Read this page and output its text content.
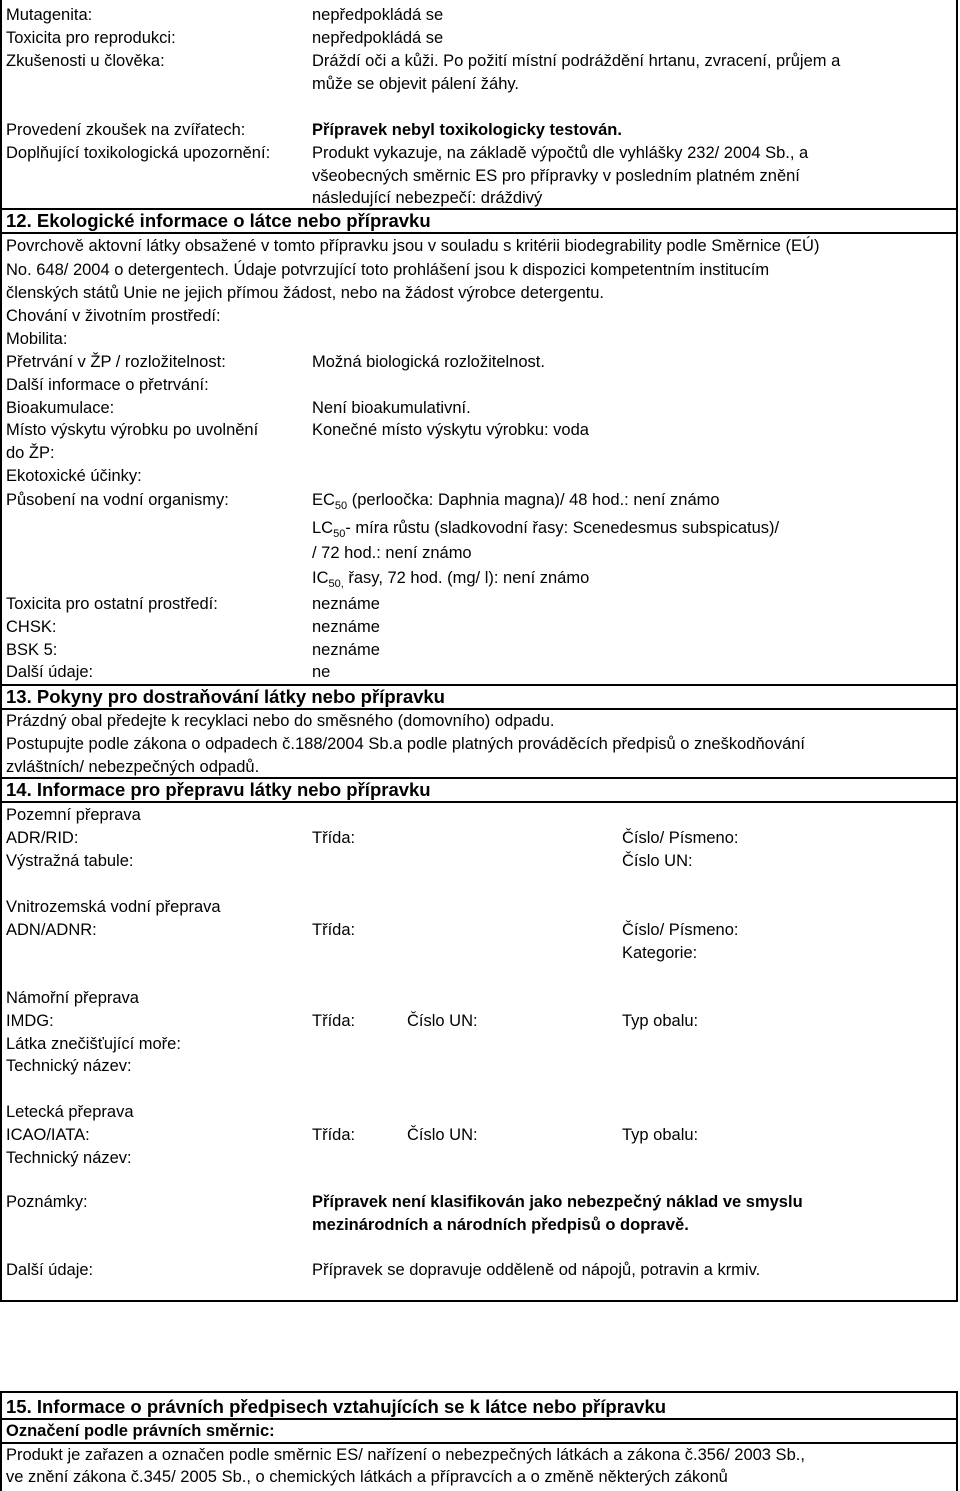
Mutagenita:	nepředpokládá se
Toxicita pro reprodukci:	nepředpokládá se
Zkušenosti u člověka:	Dráždí oči a kůži. Po požití místní podráždění hrtanu, zvracení, průjem a
může se objevit pálení žáhy.
Provedení zkoušek na zvířatech:	Přípravek nebyl toxikologicky testován.
Doplňující toxikologická upozornění:	Produkt vykazuje, na základě výpočtů dle vyhlášky 232/ 2004 Sb., a
všeobecných směrnic ES pro přípravky v posledním platném znění
následující nebezpečí: dráždivý
12. Ekologické informace o látce nebo přípravku
Povrchově aktovní látky obsažené v tomto přípravku jsou v souladu s kritérii biodegrability podle Směrnice (EÚ)
No. 648/ 2004 o detergentech. Údaje potvrzující toto prohlášení jsou k dispozici kompetentním institucím
členských států Unie ne jejich přímou žádost, nebo na žádost výrobce detergentu.
Chování v životním prostředí:
Mobilita:
Přetrvání v ŽP / rozložitelnost:	Možná biologická rozložitelnost.
Další informace o přetrvání:
Bioakumulace:	Není bioakumulativní.
Místo výskytu výrobku po uvolnění	Konečné místo výskytu výrobku: voda
do ŽP:
Ekotoxické účinky:
Působení na vodní organismy:	$EC_{50}$ (perloočka: Daphnia magna)/ 48 hod.: není známo
$LC_{50}-$ míra růstu (sladkovodní řasy: Scenedesmus subspicatus)/
/ 72 hod.: není známo
$IC_{50,}$ řasy, 72 hod. (mg/ l): není známo
Toxicita pro ostatní prostředí:	neznáme
CHSK:	neznáme
BSK 5:	neznáme
Další údaje:	ne
13. Pokyny pro dostraňování látky nebo přípravku
Prázdný obal předejte k recyklaci nebo do směsného (domovního) odpadu.
Postupujte podle zákona o odpadech č.188/2004 Sb.a podle platných prováděcích předpisů o zneškodňování
zvláštních/ nebezpečných odpadů.
14. Informace pro přepravu látky nebo přípravku
Pozemní přeprava
ADR/RID:	Třída:	Číslo/ Písmeno:
Výstražná tabule:	Číslo UN:
Vnitrozemská vodní přeprava
ADN/ADNR:	Třída:	Číslo/ Písmeno:
Kategorie:
Námořní přeprava
IMDG:	Třída:	Číslo UN:	Typ obalu:
Látka znečišťující moře:
Technický název:
Letecká přeprava
ICAO/IATA:	Třída:	Číslo UN:	Typ obalu:
Technický název:
Poznámky:	Přípravek není klasifikován jako nebezpečný náklad ve smyslu
mezinárodních a národních předpisů o dopravě.
Další údaje:	Přípravek se dopravuje odděleně od nápojů, potravin a krmiv.
15. Informace o právních předpisech vztahujících se k látce nebo přípravku
Označení podle právních směrnic:
Produkt je zařazen a označen podle směrnic ES/ nařízení o nebezpečných látkách a zákona č.356/ 2003 Sb.,
ve znění zákona č.345/ 2005 Sb., o chemických látkách a přípravcích a o změně některých zákonů
